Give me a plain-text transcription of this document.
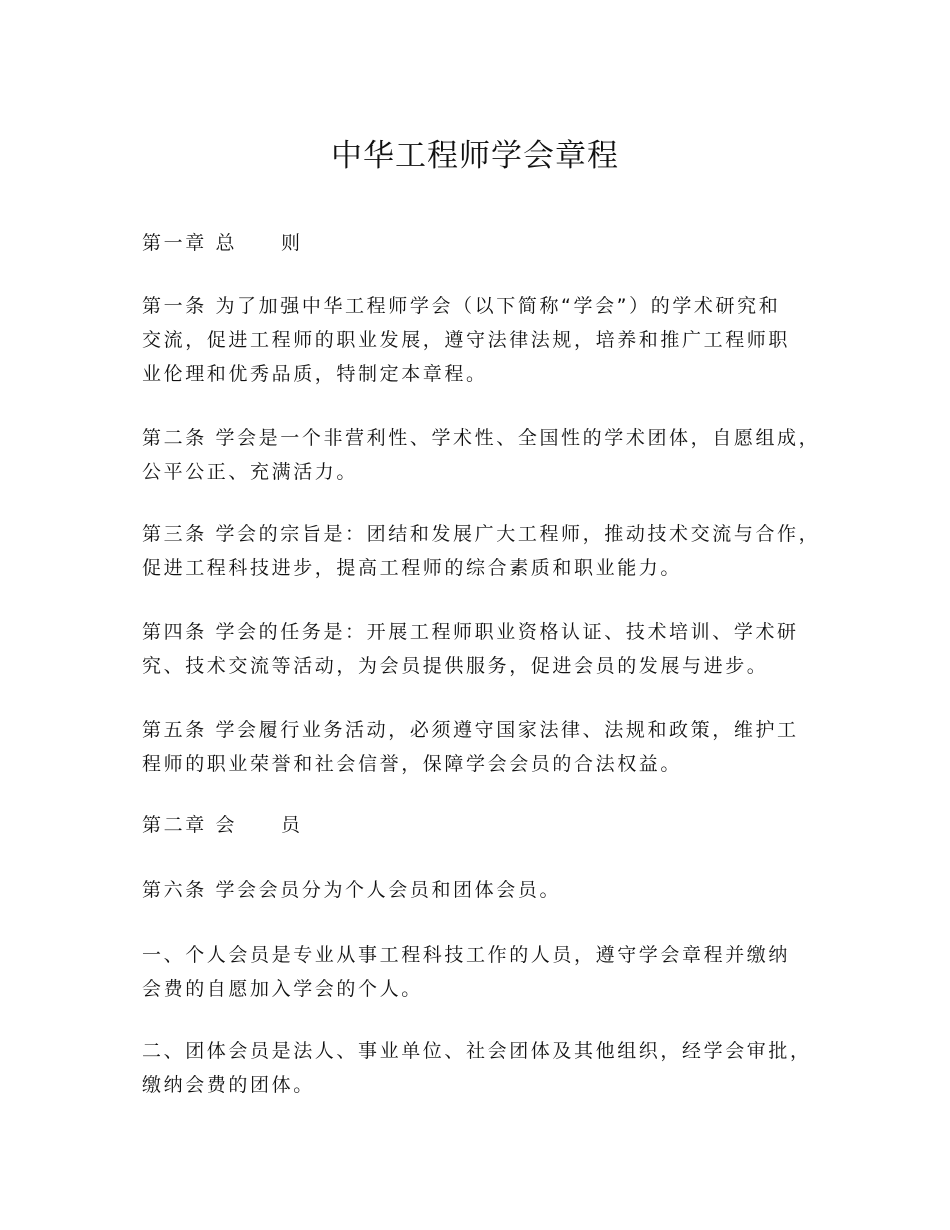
中华工程师学会章程

第一章 总 则

第一条 为了加强中华工程师学会（以下简称“学会”）的学术研究和
交流，促进工程师的职业发展，遵守法律法规，培养和推广工程师职
业伦理和优秀品质，特制定本章程。

第二条 学会是一个非营利性、学术性、全国性的学术团体，自愿组成，
公平公正、充满活力。

第三条 学会的宗旨是：团结和发展广大工程师，推动技术交流与合作，
促进工程科技进步，提高工程师的综合素质和职业能力。

第四条 学会的任务是：开展工程师职业资格认证、技术培训、学术研
究、技术交流等活动，为会员提供服务，促进会员的发展与进步。

第五条 学会履行业务活动，必须遵守国家法律、法规和政策，维护工
程师的职业荣誉和社会信誉，保障学会会员的合法权益。

第二章 会 员

第六条 学会会员分为个人会员和团体会员。

一、个人会员是专业从事工程科技工作的人员，遵守学会章程并缴纳
会费的自愿加入学会的个人。

二、团体会员是法人、事业单位、社会团体及其他组织，经学会审批，
缴纳会费的团体。
